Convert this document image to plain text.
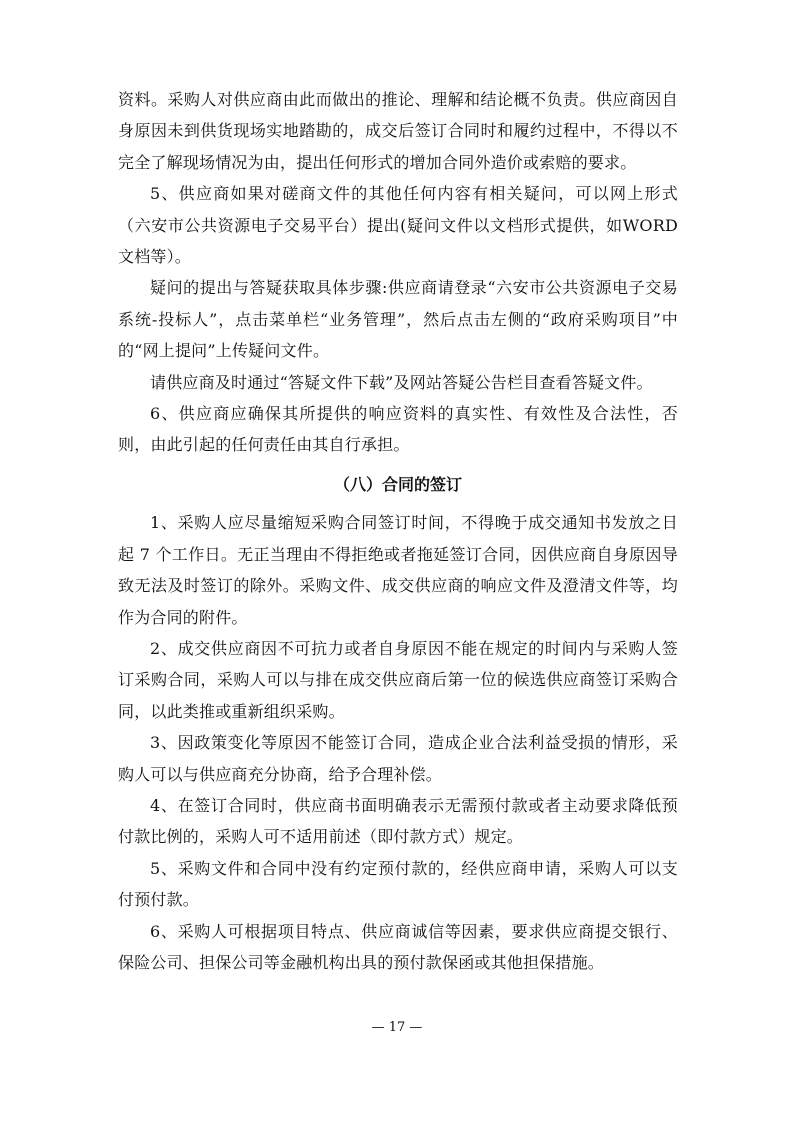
资料。采购人对供应商由此而做出的推论、理解和结论概不负责。供应商因自身原因未到供货现场实地踏勘的，成交后签订合同时和履约过程中，不得以不完全了解现场情况为由，提出任何形式的增加合同外造价或索赔的要求。

5、供应商如果对磋商文件的其他任何内容有相关疑问，可以网上形式（六安市公共资源电子交易平台）提出(疑问文件以文档形式提供，如WORD文档等）。

疑问的提出与答疑获取具体步骤:供应商请登录“六安市公共资源电子交易系统-投标人”，点击菜单栏“业务管理”，然后点击左侧的“政府采购项目”中的“网上提问”上传疑问文件。

请供应商及时通过“答疑文件下载”及网站答疑公告栏目查看答疑文件。

6、供应商应确保其所提供的响应资料的真实性、有效性及合法性，否则，由此引起的任何责任由其自行承担。

（八）合同的签订

1、采购人应尽量缩短采购合同签订时间，不得晚于成交通知书发放之日起 7 个工作日。无正当理由不得拒绝或者拖延签订合同，因供应商自身原因导致无法及时签订的除外。采购文件、成交供应商的响应文件及澄清文件等，均作为合同的附件。

2、成交供应商因不可抗力或者自身原因不能在规定的时间内与采购人签订采购合同，采购人可以与排在成交供应商后第一位的候选供应商签订采购合同，以此类推或重新组织采购。

3、因政策变化等原因不能签订合同，造成企业合法利益受损的情形，采购人可以与供应商充分协商，给予合理补偿。

4、在签订合同时，供应商书面明确表示无需预付款或者主动要求降低预付款比例的，采购人可不适用前述（即付款方式）规定。

5、采购文件和合同中没有约定预付款的，经供应商申请，采购人可以支付预付款。

6、采购人可根据项目特点、供应商诚信等因素，要求供应商提交银行、保险公司、担保公司等金融机构出具的预付款保函或其他担保措施。

— 17 —
